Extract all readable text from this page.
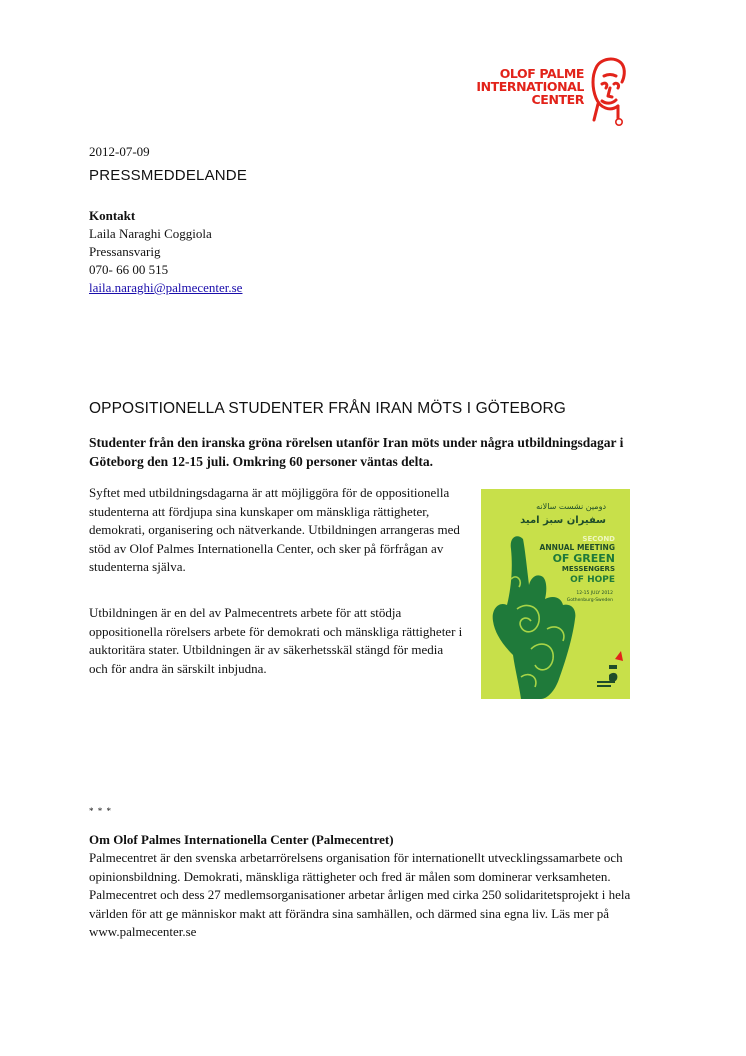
OLOF PALME
INTERNATIONAL
CENTER
2012-07-09
PRESSMEDDELANDE
Kontakt
Laila Naraghi Coggiola
Pressansvarig
070- 66 00 515
laila.naraghi@palmecenter.se
OPPOSITIONELLA STUDENTER FRÅN IRAN MÖTS I GÖTEBORG
Studenter från den iranska gröna rörelsen utanför Iran möts under några utbildningsdagar i Göteborg den 12-15 juli. Omkring 60 personer väntas delta.
Syftet med utbildningsdagarna är att möjliggöra för de oppositionella studenterna att fördjupa sina kunskaper om mänskliga rättigheter, demokrati, organisering och nätverkande. Utbildningen arrangeras med stöd av Olof Palmes Internationella Center, och sker på förfrågan av studenterna själva.
Utbildningen är en del av Palmecentrets arbete för att stödja oppositionella rörelsers arbete för demokrati och mänskliga rättigheter i auktoritära stater. Utbildningen är av säkerhetsskäl stängd för media och för andra än särskilt inbjudna.
دومین نشست سالانه
سفیران سبز امید
SECOND
ANNUAL MEETING
OF GREEN
MESSENGERS
OF HOPE
12-15 JULY 2012
Gothenburg-Sweden
* * *
Om Olof Palmes Internationella Center (Palmecentret)
Palmecentret är den svenska arbetarrörelsens organisation för internationellt utvecklingssamarbete och opinionsbildning. Demokrati, mänskliga rättigheter och fred är målen som dominerar verksamheten. Palmecentret och dess 27 medlemsorganisationer arbetar årligen med cirka 250 solidaritetsprojekt i hela världen för att ge människor makt att förändra sina samhällen, och därmed sina egna liv. Läs mer på www.palmecenter.se
